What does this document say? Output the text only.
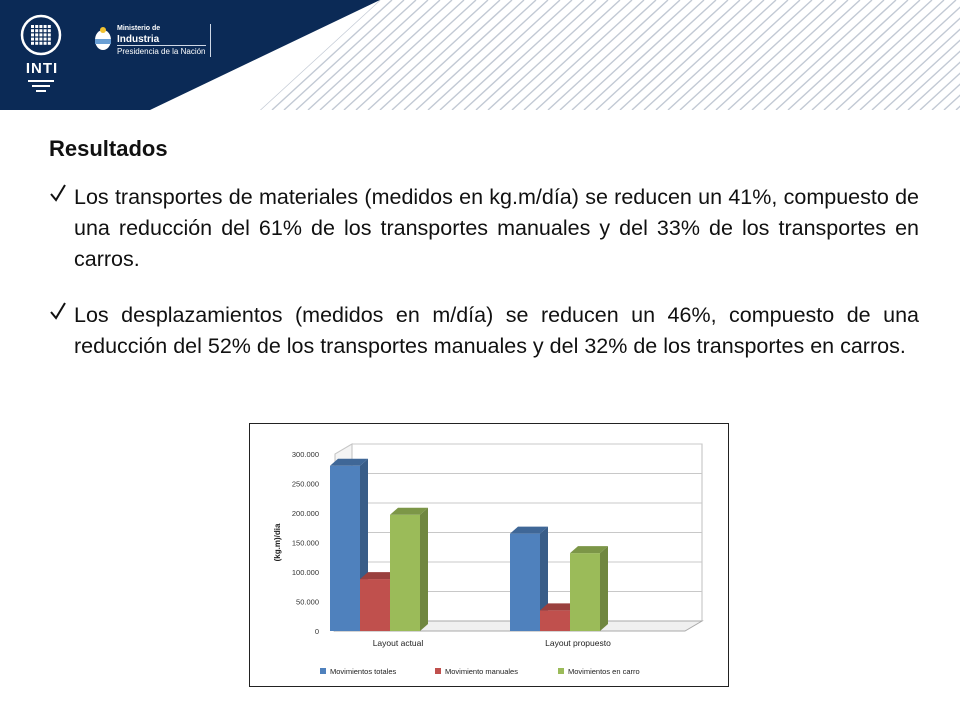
INTI
Ministerio de
Industria
Presidencia de la Nación
Resultados
Los transportes de materiales (medidos en kg.m/día) se reducen un 41%, compuesto de una reducción del 61% de los transportes manuales y del 33% de los transportes en carros.
Los desplazamientos (medidos en m/día) se reducen un 46%, compuesto de una reducción del 52% de los transportes manuales y del 32% de los transportes en carros.
0
50.000
100.000
150.000
200.000
250.000
300.000
(kg.m)/dia
Layout actual	Layout propuesto
Movimientos totales	Movimiento manuales	Movimientos en carro
